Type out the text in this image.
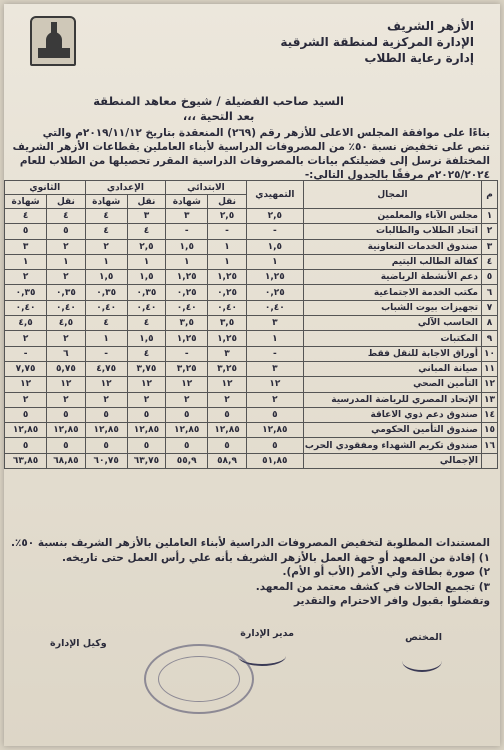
الأزهر الشريف
الإدارة المركزية لمنطقة الشرقية
إدارة رعاية الطلاب
السيد صاحب الفضيلة / شيوخ معاهد المنطقة
بعد التحية ،،،
بناءًا على موافقة المجلس الاعلى للأزهر رقم (٢٦٩) المنعقدة بتاريخ ٢٠١٩/١١/١٢م والتي
تنص على تخفيض نسبة ٥٠٪ من المصروفات الدراسية لأبناء العاملين بقطاعات الأزهر الشريف
المختلفة نرسل إلى فضيلتكم بيانات بالمصروفات الدراسية المقرر تحصيلها من الطلاب للعام
٢٠٢٥/٢٠٢٤م مرفقًا بالجدول التالي:-
م	المجال	التمهيدي	الابتدائي		الإعدادي		الثانوي	
			نقل	شهادة	نقل	شهادة	نقل	شهادة
١	مجلس الآباء والمعلمين	٢,٥	٢,٥	٣	٣	٤	٤	٤
٢	اتحاد الطلاب والطالبات	-	-	-	٤	٤	٥	٥
٣	صندوق الخدمات التعاونية	١,٥	١	١,٥	٢,٥	٢	٢	٣
٤	كفالة الطالب اليتيم	١	١	١	١	١	١	١
٥	دعم الأنشطة الرياضية	١,٢٥	١,٢٥	١,٢٥	١,٥	١,٥	٢	٢
٦	مكتب الخدمة الاجتماعية	٠,٢٥	٠,٢٥	٠,٢٥	٠,٣٥	٠,٣٥	٠,٣٥	٠,٣٥
٧	تجهيزات بيوت الشباب	٠,٤٠	٠,٤٠	٠,٤٠	٠,٤٠	٠,٤٠	٠,٤٠	٠,٤٠
٨	الحاسب الآلي	٣	٣,٥	٣,٥	٤	٤	٤,٥	٤,٥
٩	المكتبات	١	١,٢٥	١,٢٥	١,٥	١	٢	٢
١٠	أوراق الاجابة للنقل فقط	-	٣	-	٤	-	٦	-
١١	صيانة المباني	٣	٣,٢٥	٣,٢٥	٣,٧٥	٤,٧٥	٥,٧٥	٧,٧٥
١٢	التأمين الصحي	١٢	١٢	١٢	١٢	١٢	١٢	١٢
١٣	الإتحاد المصري للرياضة المدرسية	٢	٢	٢	٢	٢	٢	٢
١٤	صندوق دعم ذوي الاعاقة	٥	٥	٥	٥	٥	٥	٥
١٥	صندوق التأمين الحكومي	١٢,٨٥	١٢,٨٥	١٢,٨٥	١٢,٨٥	١٢,٨٥	١٢,٨٥	١٢,٨٥
١٦	صندوق تكريم الشهداء ومفقودي الحرب	٥	٥	٥	٥	٥	٥	٥
	الإجمالي	٥١,٨٥	٥٨,٩	٥٥,٩	٦٣,٧٥	٦٠,٧٥	٦٨,٨٥	٦٣,٨٥
المستندات المطلوبة لتخفيض المصروفات الدراسية لأبناء العاملين بالأزهر الشريف بنسبة ٥٠٪.
١) إفادة من المعهد أو جهة العمل بالأزهر الشريف بأنه علي رأس العمل حتى تاريخه.
٢) صورة بطاقة ولي الأمر (الأب أو الأم).
٣) تجميع الحالات في كشف معتمد من المعهد.
وتفضلوا بقبول وافر الاحترام والتقدير
المختص
مدير الإدارة
وكيل الإدارة
